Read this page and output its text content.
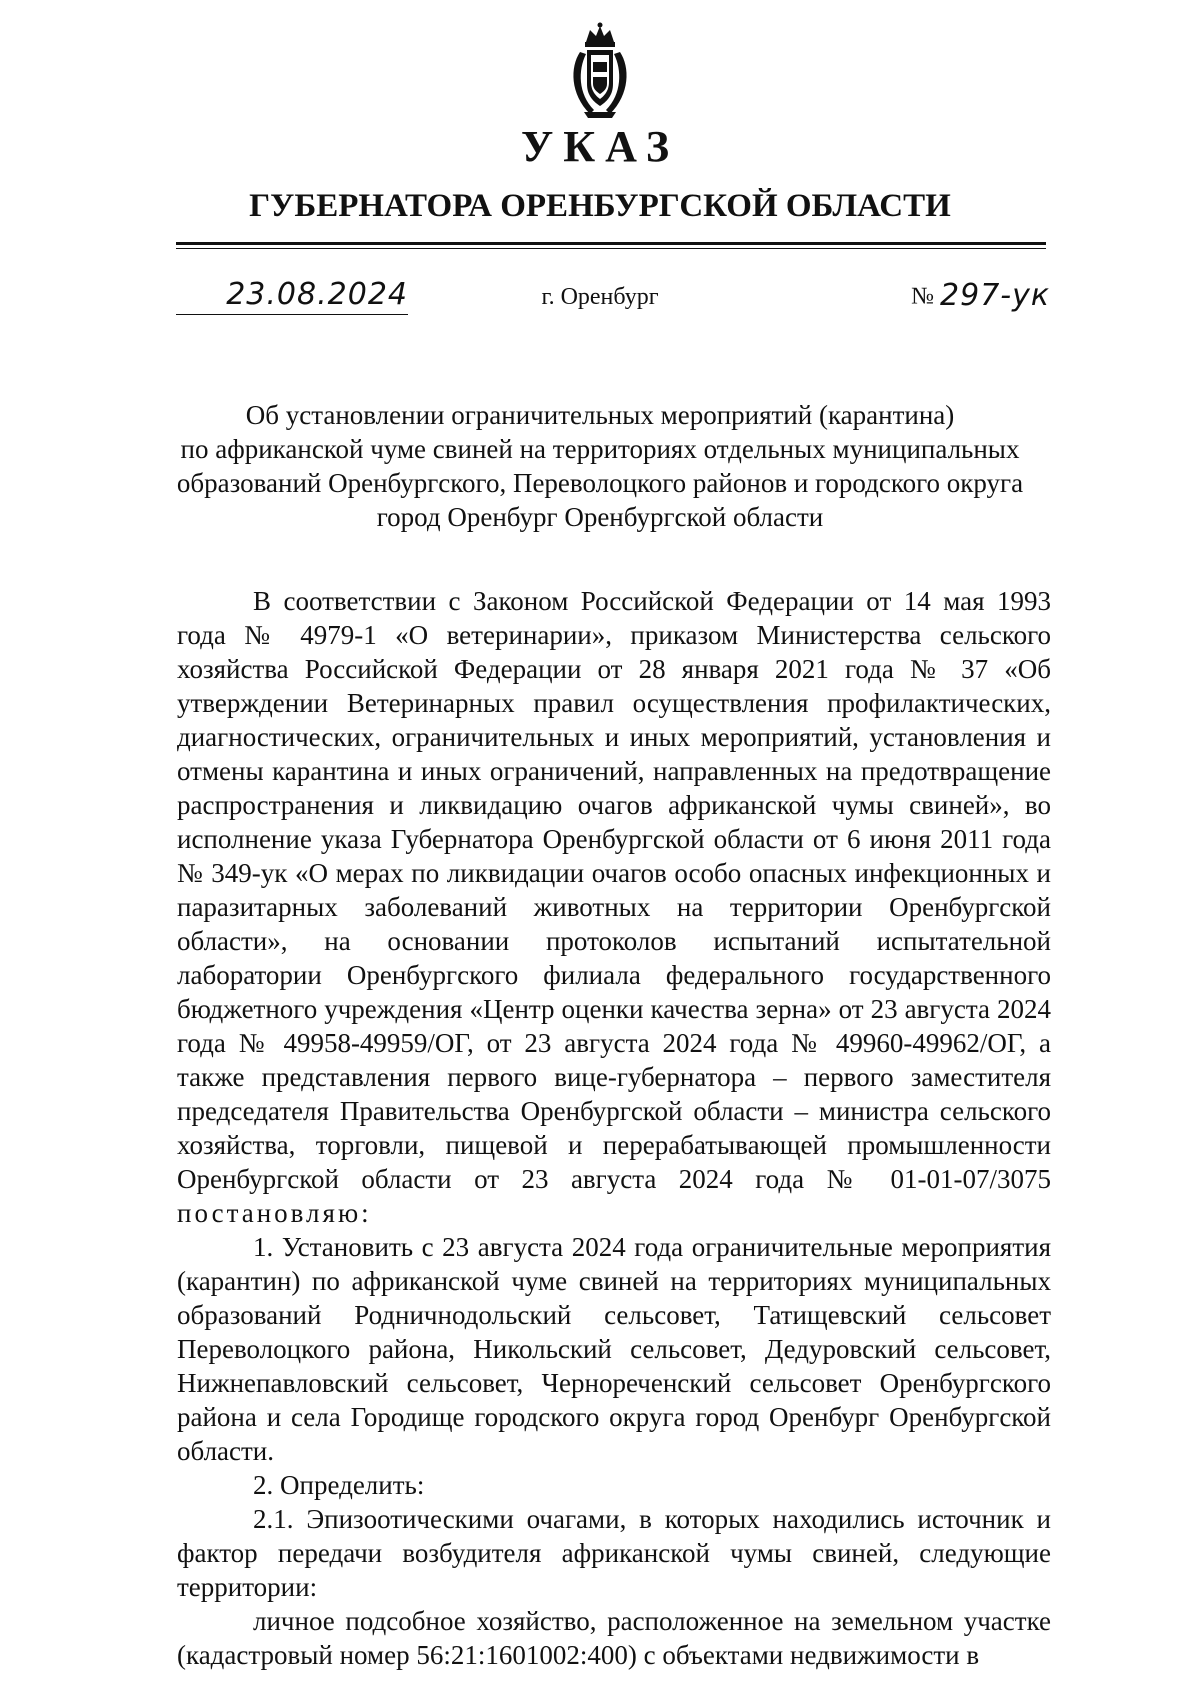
УКАЗ
ГУБЕРНАТОРА ОРЕНБУРГСКОЙ ОБЛАСТИ
23.08.2024	г. Оренбург	№ 297-ук
Об установлении ограничительных мероприятий (карантина)
по африканской чуме свиней на территориях отдельных муниципальных
образований Оренбургского, Переволоцкого районов и городского округа
город Оренбург Оренбургской области

В соответствии с Законом Российской Федерации от 14 мая 1993 года № 4979-1 «О ветеринарии», приказом Министерства сельского хозяйства Российской Федерации от 28 января 2021 года № 37 «Об утверждении Ветеринарных правил осуществления профилактических, диагностических, ограничительных и иных мероприятий, установления и отмены карантина и иных ограничений, направленных на предотвращение распространения и ликвидацию очагов африканской чумы свиней», во исполнение указа Губернатора Оренбургской области от 6 июня 2011 года № 349-ук «О мерах по ликвидации очагов особо опасных инфекционных и паразитарных заболеваний животных на территории Оренбургской области», на основании протоколов испытаний испытательной лаборатории Оренбургского филиала федерального государственного бюджетного учреждения «Центр оценки качества зерна» от 23 августа 2024 года № 49958-49959/ОГ, от 23 августа 2024 года № 49960-49962/ОГ, а также представления первого вице-губернатора – первого заместителя председателя Правительства Оренбургской области – министра сельского хозяйства, торговли, пищевой и перерабатывающей промышленности Оренбургской области от 23 августа 2024 года № 01-01-07/3075 постановляю:

1. Установить с 23 августа 2024 года ограничительные мероприятия (карантин) по африканской чуме свиней на территориях муниципальных образований Родничнодольский сельсовет, Татищевский сельсовет Переволоцкого района, Никольский сельсовет, Дедуровский сельсовет, Нижнепавловский сельсовет, Чернореченский сельсовет Оренбургского района и села Городище городского округа город Оренбург Оренбургской области.

2. Определить:

2.1. Эпизоотическими очагами, в которых находились источник и фактор передачи возбудителя африканской чумы свиней, следующие территории:

личное подсобное хозяйство, расположенное на земельном участке (кадастровый номер 56:21:1601002:400) с объектами недвижимости в
